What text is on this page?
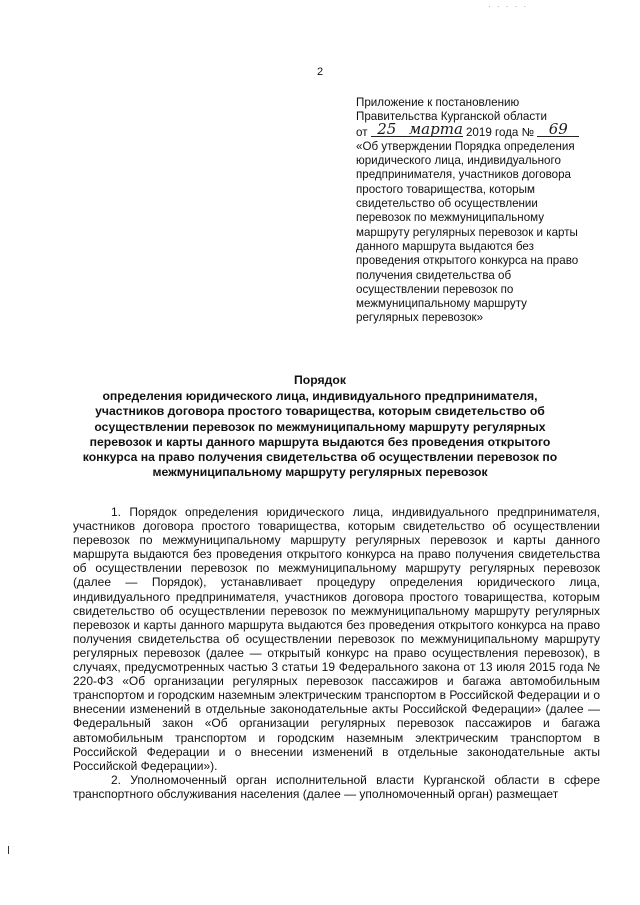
· · · · ·
2
Приложение к постановлению
Правительства Курганской области
от 25 марта 2019 года № 69
«Об утверждении Порядка определения
юридического лица, индивидуального
предпринимателя, участников договора
простого товарищества, которым
свидетельство об осуществлении
перевозок по межмуниципальному
маршруту регулярных перевозок и карты
данного маршрута выдаются без
проведения открытого конкурса на право
получения свидетельства об
осуществлении перевозок по
межмуниципальному маршруту
регулярных перевозок»
Порядок
определения юридического лица, индивидуального предпринимателя,
участников договора простого товарищества, которым свидетельство об
осуществлении перевозок по межмуниципальному маршруту регулярных
перевозок и карты данного маршрута выдаются без проведения открытого
конкурса на право получения свидетельства об осуществлении перевозок по
межмуниципальному маршруту регулярных перевозок

1. Порядок определения юридического лица, индивидуального предпринимателя, участников договора простого товарищества, которым свидетельство об осуществлении перевозок по межмуниципальному маршруту регулярных перевозок и карты данного маршрута выдаются без проведения открытого конкурса на право получения свидетельства об осуществлении перевозок по межмуниципальному маршруту регулярных перевозок (далее — Порядок), устанавливает процедуру определения юридического лица, индивидуального предпринимателя, участников договора простого товарищества, которым свидетельство об осуществлении перевозок по межмуниципальному маршруту регулярных перевозок и карты данного маршрута выдаются без проведения открытого конкурса на право получения свидетельства об осуществлении перевозок по межмуниципальному маршруту регулярных перевозок (далее — открытый конкурс на право осуществления перевозок), в случаях, предусмотренных частью 3 статьи 19 Федерального закона от 13 июля 2015 года № 220-ФЗ «Об организации регулярных перевозок пассажиров и багажа автомобильным транспортом и городским наземным электрическим транспортом в Российской Федерации и о внесении изменений в отдельные законодательные акты Российской Федерации» (далее — Федеральный закон «Об организации регулярных перевозок пассажиров и багажа автомобильным транспортом и городским наземным электрическим транспортом в Российской Федерации и о внесении изменений в отдельные законодательные акты Российской Федерации»).

2. Уполномоченный орган исполнительной власти Курганской области в сфере транспортного обслуживания населения (далее — уполномоченный орган) размещает
